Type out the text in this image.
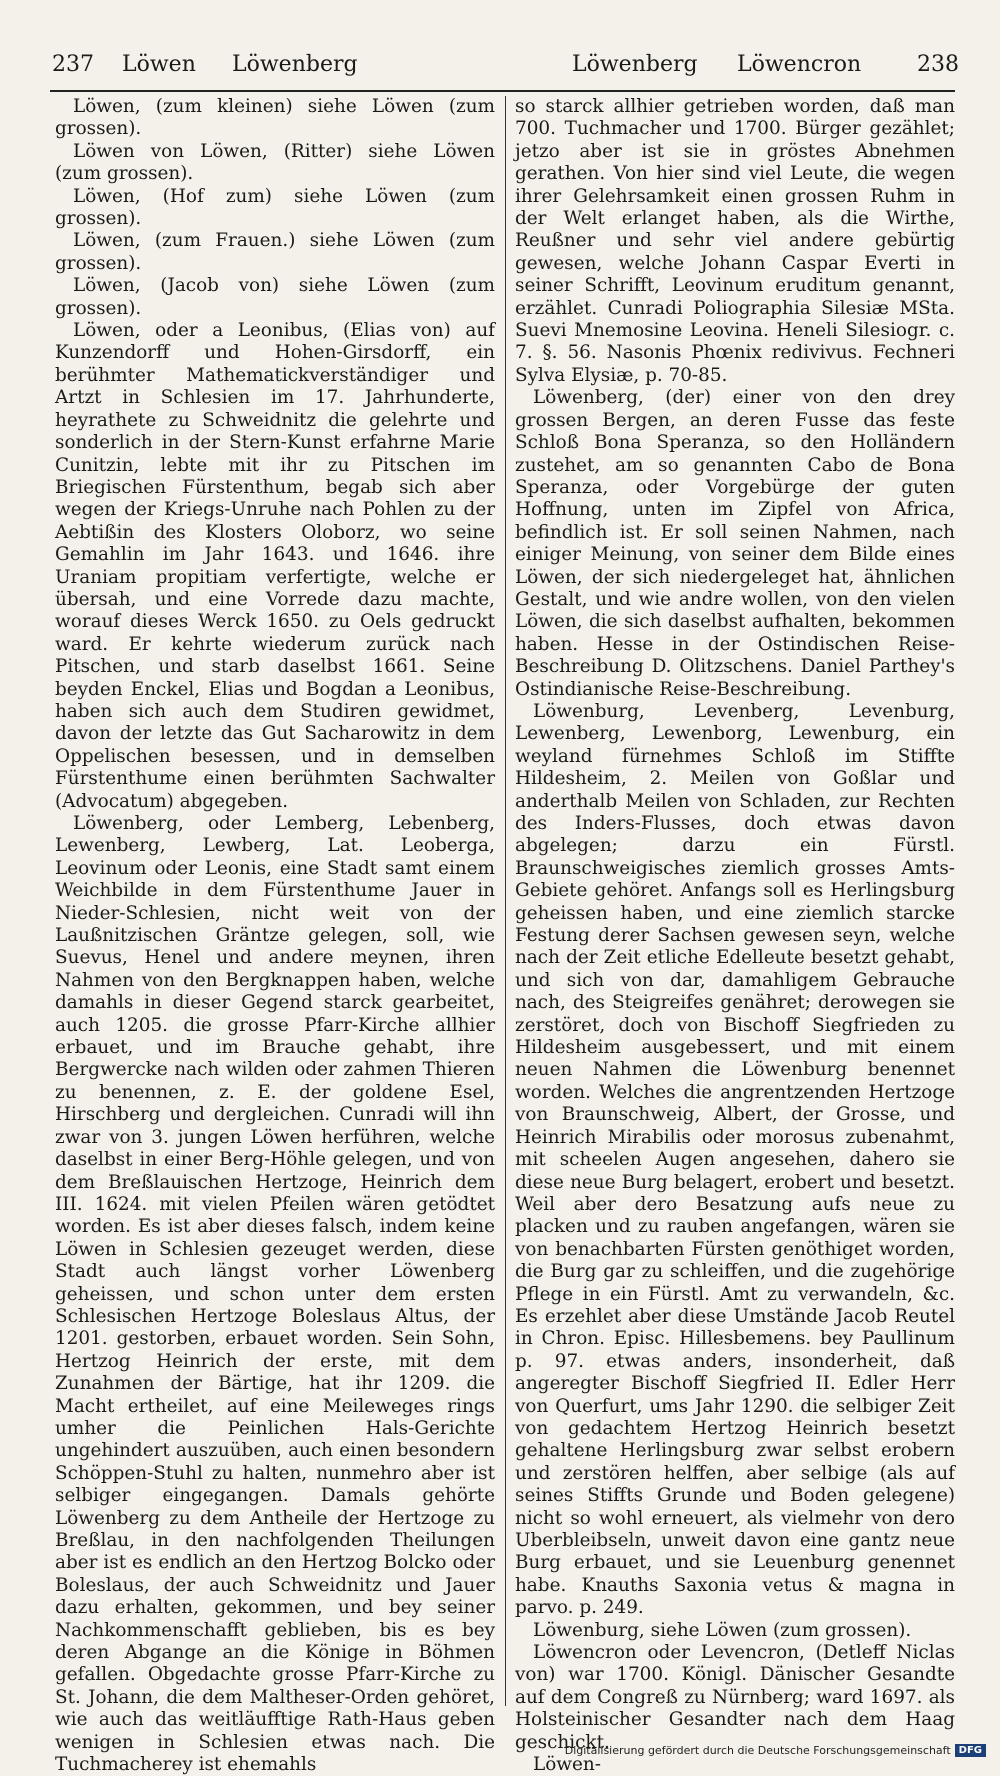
237 Löwen Löwenberg	Löwenberg Löwencron	238

Löwen, (zum kleinen) siehe Löwen (zum grossen).

Löwen von Löwen, (Ritter) siehe Löwen (zum grossen).

Löwen, (Hof zum) siehe Löwen (zum grossen).

Löwen, (zum Frauen.) siehe Löwen (zum grossen).

Löwen, (Jacob von) siehe Löwen (zum grossen).

Löwen, oder a Leonibus, (Elias von) auf Kunzendorff und Hohen-Girsdorff, ein berühmter Mathematickverständiger und Artzt in Schlesien im 17. Jahrhunderte, heyrathete zu Schweidnitz die gelehrte und sonderlich in der Stern-Kunst erfahrne Marie Cunitzin, lebte mit ihr zu Pitschen im Briegischen Fürstenthum, begab sich aber wegen der Kriegs-Unruhe nach Pohlen zu der Aebtißin des Klosters Oloborz, wo seine Gemahlin im Jahr 1643. und 1646. ihre Uraniam propitiam verfertigte, welche er übersah, und eine Vorrede dazu machte, worauf dieses Werck 1650. zu Oels gedruckt ward. Er kehrte wiederum zurück nach Pitschen, und starb daselbst 1661. Seine beyden Enckel, Elias und Bogdan a Leonibus, haben sich auch dem Studiren gewidmet, davon der letzte das Gut Sacharowitz in dem Oppelischen besessen, und in demselben Fürstenthume einen berühmten Sachwalter (Advocatum) abgegeben.

Löwenberg, oder Lemberg, Lebenberg, Lewenberg, Lewberg, Lat. Leoberga, Leovinum oder Leonis, eine Stadt samt einem Weichbilde in dem Fürstenthume Jauer in Nieder-Schlesien, nicht weit von der Laußnitzischen Gräntze gelegen, soll, wie Suevus, Henel und andere meynen, ihren Nahmen von den Bergknappen haben, welche damahls in dieser Gegend starck gearbeitet, auch 1205. die grosse Pfarr-Kirche allhier erbauet, und im Brauche gehabt, ihre Bergwercke nach wilden oder zahmen Thieren zu benennen, z. E. der goldene Esel, Hirschberg und dergleichen. Cunradi will ihn zwar von 3. jungen Löwen herführen, welche daselbst in einer Berg-Höhle gelegen, und von dem Breßlauischen Hertzoge, Heinrich dem III. 1624. mit vielen Pfeilen wären getödtet worden. Es ist aber dieses falsch, indem keine Löwen in Schlesien gezeuget werden, diese Stadt auch längst vorher Löwenberg geheissen, und schon unter dem ersten Schlesischen Hertzoge Boleslaus Altus, der 1201. gestorben, erbauet worden. Sein Sohn, Hertzog Heinrich der erste, mit dem Zunahmen der Bärtige, hat ihr 1209. die Macht ertheilet, auf eine Meileweges rings umher die Peinlichen Hals-Gerichte ungehindert auszuüben, auch einen besondern Schöppen-Stuhl zu halten, nunmehro aber ist selbiger eingegangen. Damals gehörte Löwenberg zu dem Antheile der Hertzoge zu Breßlau, in den nachfolgenden Theilungen aber ist es endlich an den Hertzog Bolcko oder Boleslaus, der auch Schweidnitz und Jauer dazu erhalten, gekommen, und bey seiner Nachkommenschafft geblieben, bis es bey deren Abgange an die Könige in Böhmen gefallen. Obgedachte grosse Pfarr-Kirche zu St. Johann, die dem Maltheser-Orden gehöret, wie auch das weitläufftige Rath-Haus geben wenigen in Schlesien etwas nach. Die Tuchmacherey ist ehemahls

so starck allhier getrieben worden, daß man 700. Tuchmacher und 1700. Bürger gezählet; jetzo aber ist sie in gröstes Abnehmen gerathen. Von hier sind viel Leute, die wegen ihrer Gelehrsamkeit einen grossen Ruhm in der Welt erlanget haben, als die Wirthe, Reußner und sehr viel andere gebürtig gewesen, welche Johann Caspar Everti in seiner Schrifft, Leovinum eruditum genannt, erzählet. Cunradi Poliographia Silesiæ MSta. Suevi Mnemosine Leovina. Heneli Silesiogr. c. 7. §. 56. Nasonis Phœnix redivivus. Fechneri Sylva Elysiæ, p. 70-85.

Löwenberg, (der) einer von den drey grossen Bergen, an deren Fusse das feste Schloß Bona Speranza, so den Holländern zustehet, am so genannten Cabo de Bona Speranza, oder Vorgebürge der guten Hoffnung, unten im Zipfel von Africa, befindlich ist. Er soll seinen Nahmen, nach einiger Meinung, von seiner dem Bilde eines Löwen, der sich niedergeleget hat, ähnlichen Gestalt, und wie andre wollen, von den vielen Löwen, die sich daselbst aufhalten, bekommen haben. Hesse in der Ostindischen Reise-Beschreibung D. Olitzschens. Daniel Parthey's Ostindianische Reise-Beschreibung.

Löwenburg, Levenberg, Levenburg, Lewenberg, Lewenborg, Lewenburg, ein weyland fürnehmes Schloß im Stiffte Hildesheim, 2. Meilen von Goßlar und anderthalb Meilen von Schladen, zur Rechten des Inders-Flusses, doch etwas davon abgelegen; darzu ein Fürstl. Braunschweigisches ziemlich grosses Amts-Gebiete gehöret. Anfangs soll es Herlingsburg geheissen haben, und eine ziemlich starcke Festung derer Sachsen gewesen seyn, welche nach der Zeit etliche Edelleute besetzt gehabt, und sich von dar, damahligem Gebrauche nach, des Steigreifes genähret; derowegen sie zerstöret, doch von Bischoff Siegfrieden zu Hildesheim ausgebessert, und mit einem neuen Nahmen die Löwenburg benennet worden. Welches die angrentzenden Hertzoge von Braunschweig, Albert, der Grosse, und Heinrich Mirabilis oder morosus zubenahmt, mit scheelen Augen angesehen, dahero sie diese neue Burg belagert, erobert und besetzt. Weil aber dero Besatzung aufs neue zu placken und zu rauben angefangen, wären sie von benachbarten Fürsten genöthiget worden, die Burg gar zu schleiffen, und die zugehörige Pflege in ein Fürstl. Amt zu verwandeln, &c. Es erzehlet aber diese Umstände Jacob Reutel in Chron. Episc. Hillesbemens. bey Paullinum p. 97. etwas anders, insonderheit, daß angeregter Bischoff Siegfried II. Edler Herr von Querfurt, ums Jahr 1290. die selbiger Zeit von gedachtem Hertzog Heinrich besetzt gehaltene Herlingsburg zwar selbst erobern und zerstören helffen, aber selbige (als auf seines Stiffts Grunde und Boden gelegene) nicht so wohl erneuert, als vielmehr von dero Uberbleibseln, unweit davon eine gantz neue Burg erbauet, und sie Leuenburg genennet habe. Knauths Saxonia vetus & magna in parvo. p. 249.

Löwenburg, siehe Löwen (zum grossen).

Löwencron oder Levencron, (Detleff Niclas von) war 1700. Königl. Dänischer Gesandte auf dem Congreß zu Nürnberg; ward 1697. als Holsteinischer Gesandter nach dem Haag geschickt.

Löwen-

Digitalisierung gefördert durch die Deutsche Forschungsgemeinschaft DFG
